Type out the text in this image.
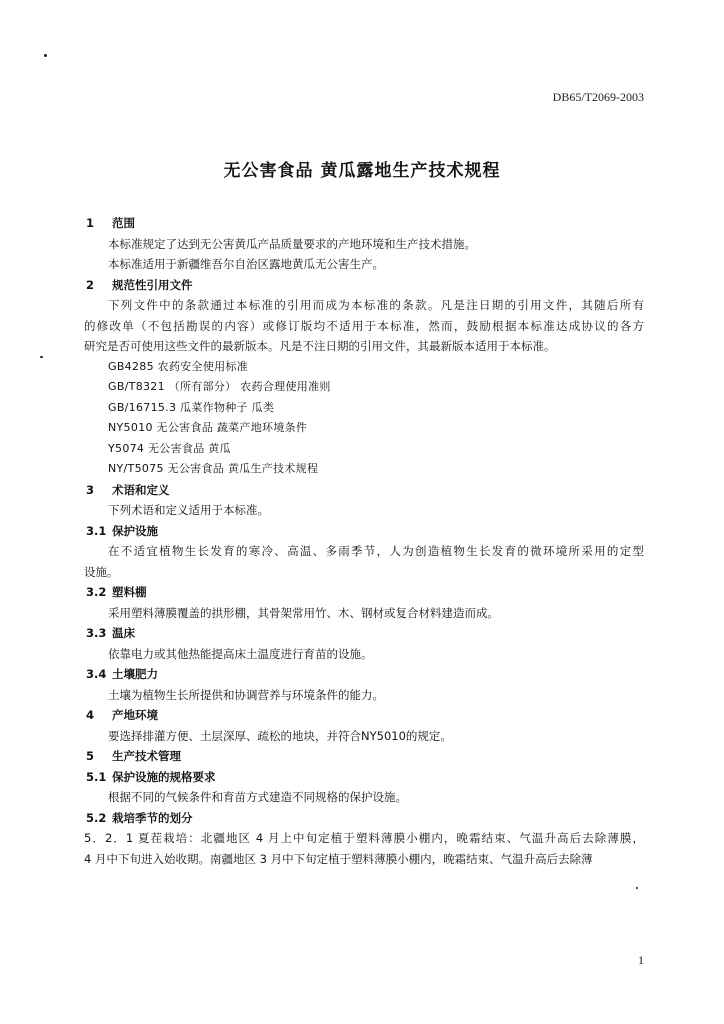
DB65/T2069-2003
无公害食品 黄瓜露地生产技术规程
1 范围
本标准规定了达到无公害黄瓜产品质量要求的产地环境和生产技术措施。
本标准适用于新疆维吾尔自治区露地黄瓜无公害生产。
2 规范性引用文件
下列文件中的条款通过本标准的引用而成为本标准的条款。凡是注日期的引用文件，其随后所有
的修改单（不包括勘误的内容）或修订版均不适用于本标准，然而，鼓励根据本标准达成协议的各方
研究是否可使用这些文件的最新版本。凡是不注日期的引用文件，其最新版本适用于本标准。
GB4285 农药安全使用标准
GB/T8321 （所有部分） 农药合理使用准则
GB/16715.3 瓜菜作物种子 瓜类
NY5010 无公害食品 蔬菜产地环境条件
Y5074 无公害食品 黄瓜
NY/T5075 无公害食品 黄瓜生产技术规程
3 术语和定义
下列术语和定义适用于本标准。
3.1 保护设施
在不适宜植物生长发育的寒冷、高温、多雨季节，人为创造植物生长发育的微环境所采用的定型
设施。
3.2 塑料棚
采用塑料薄膜覆盖的拱形棚，其骨架常用竹、木、钢材或复合材料建造而成。
3.3 温床
依靠电力或其他热能提高床土温度进行育苗的设施。
3.4 土壤肥力
土壤为植物生长所提供和协调营养与环境条件的能力。
4 产地环境
要选择排灌方便、土层深厚、疏松的地块，并符合NY5010的规定。
5 生产技术管理
5.1 保护设施的规格要求
根据不同的气候条件和育苗方式建造不同规格的保护设施。
5.2 栽培季节的划分
5．2．1 夏茬栽培：北疆地区 4 月上中旬定植于塑料薄膜小棚内，晚霜结束、气温升高后去除薄膜，
4 月中下旬进入始收期。南疆地区 3 月中下旬定植于塑料薄膜小棚内，晚霜结束、气温升高后去除薄
1
